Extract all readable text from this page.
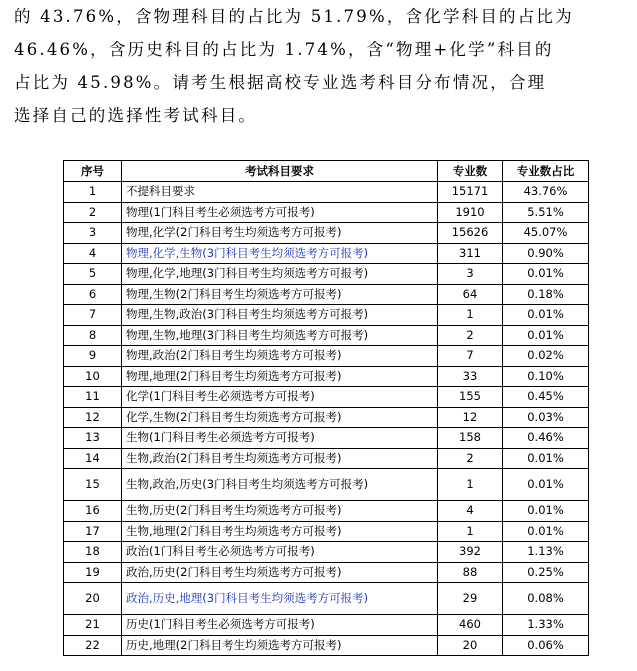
的 43.76%，含物理科目的占比为 51.79%，含化学科目的占比为
46.46%，含历史科目的占比为 1.74%，含“物理+化学”科目的
占比为 45.98%。请考生根据高校专业选考科目分布情况，合理
选择自己的选择性考试科目。
序号	考试科目要求	专业数	专业数占比
1	不提科目要求	15171	43.76%
2	物理(1门科目考生必须选考方可报考)	1910	5.51%
3	物理,化学(2门科目考生均须选考方可报考)	15626	45.07%
4	物理,化学,生物(3门科目考生均须选考方可报考)	311	0.90%
5	物理,化学,地理(3门科目考生均须选考方可报考)	3	0.01%
6	物理,生物(2门科目考生均须选考方可报考)	64	0.18%
7	物理,生物,政治(3门科目考生均须选考方可报考)	1	0.01%
8	物理,生物,地理(3门科目考生均须选考方可报考)	2	0.01%
9	物理,政治(2门科目考生均须选考方可报考)	7	0.02%
10	物理,地理(2门科目考生均须选考方可报考)	33	0.10%
11	化学(1门科目考生必须选考方可报考)	155	0.45%
12	化学,生物(2门科目考生均须选考方可报考)	12	0.03%
13	生物(1门科目考生必须选考方可报考)	158	0.46%
14	生物,政治(2门科目考生均须选考方可报考)	2	0.01%
15	生物,政治,历史(3门科目考生均须选考方可报考)	1	0.01%
16	生物,历史(2门科目考生均须选考方可报考)	4	0.01%
17	生物,地理(2门科目考生均须选考方可报考)	1	0.01%
18	政治(1门科目考生必须选考方可报考)	392	1.13%
19	政治,历史(2门科目考生均须选考方可报考)	88	0.25%
20	政治,历史,地理(3门科目考生均须选考方可报考)	29	0.08%
21	历史(1门科目考生必须选考方可报考)	460	1.33%
22	历史,地理(2门科目考生均须选考方可报考)	20	0.06%
